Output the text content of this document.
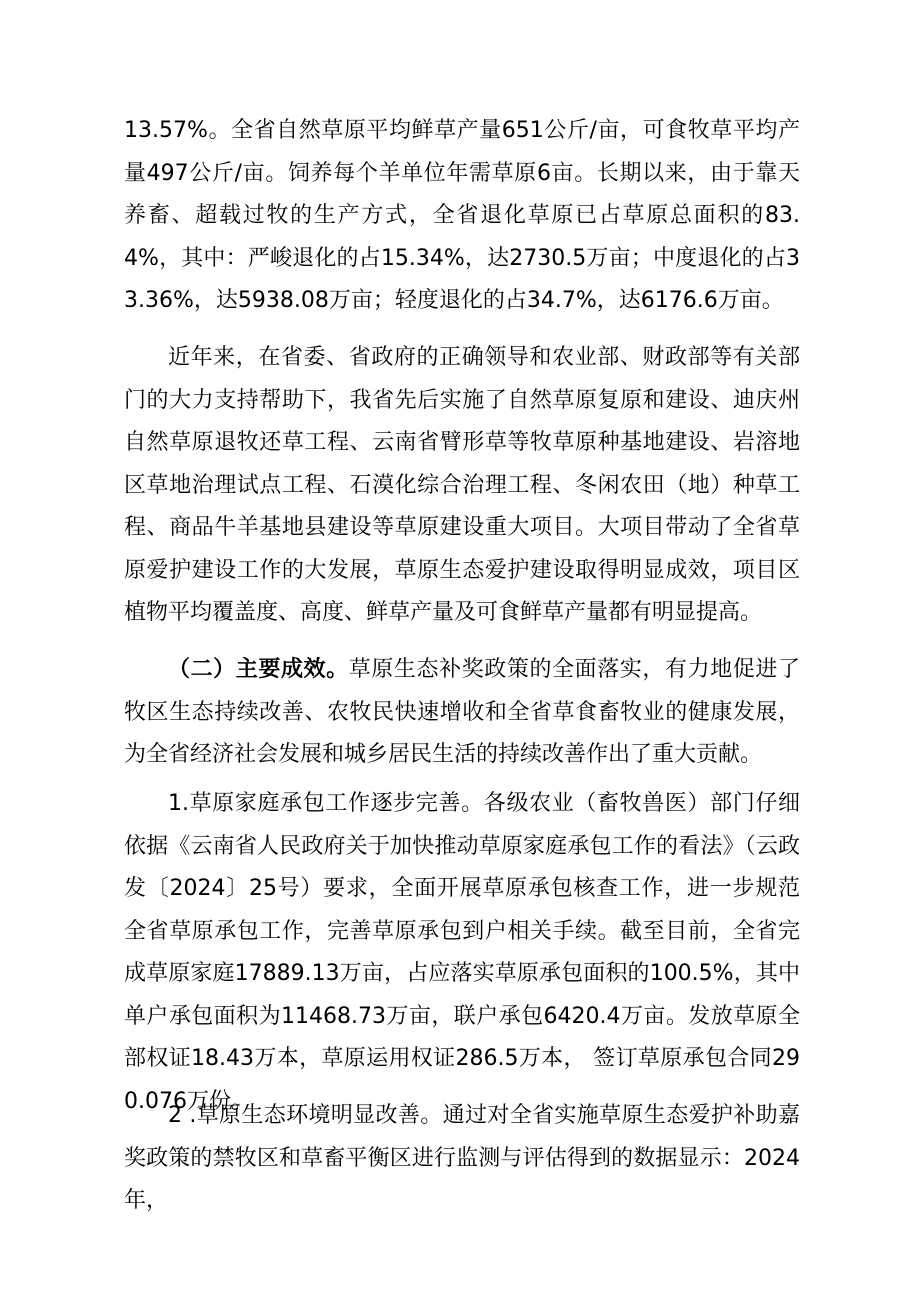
13.57%。全省自然草原平均鲜草产量651公斤/亩，可食牧草平均产量497公斤/亩。饲养每个羊单位年需草原6亩。长期以来，由于靠天养畜、超载过牧的生产方式，全省退化草原已占草原总面积的83.4%，其中：严峻退化的占15.34%，达2730.5万亩；中度退化的占33.36%，达5938.08万亩；轻度退化的占34.7%，达6176.6万亩。

近年来，在省委、省政府的正确领导和农业部、财政部等有关部门的大力支持帮助下，我省先后实施了自然草原复原和建设、迪庆州自然草原退牧还草工程、云南省臂形草等牧草原种基地建设、岩溶地区草地治理试点工程、石漠化综合治理工程、冬闲农田（地）种草工程、商品牛羊基地县建设等草原建设重大项目。大项目带动了全省草原爱护建设工作的大发展，草原生态爱护建设取得明显成效，项目区植物平均覆盖度、高度、鲜草产量及可食鲜草产量都有明显提高。

（二）主要成效。草原生态补奖政策的全面落实，有力地促进了牧区生态持续改善、农牧民快速增收和全省草食畜牧业的健康发展，为全省经济社会发展和城乡居民生活的持续改善作出了重大贡献。

1.草原家庭承包工作逐步完善。各级农业（畜牧兽医）部门仔细依据《云南省人民政府关于加快推动草原家庭承包工作的看法》（云政发〔2024〕25号）要求，全面开展草原承包核查工作，进一步规范全省草原承包工作，完善草原承包到户相关手续。截至目前，全省完成草原家庭17889.13万亩，占应落实草原承包面积的100.5%，其中单户承包面积为11468.73万亩，联户承包6420.4万亩。发放草原全部权证18.43万本，草原运用权证286.5万本， 签订草原承包合同290.076万份。

2 .草原生态环境明显改善。通过对全省实施草原生态爱护补助嘉奖政策的禁牧区和草畜平衡区进行监测与评估得到的数据显示：2024年，
